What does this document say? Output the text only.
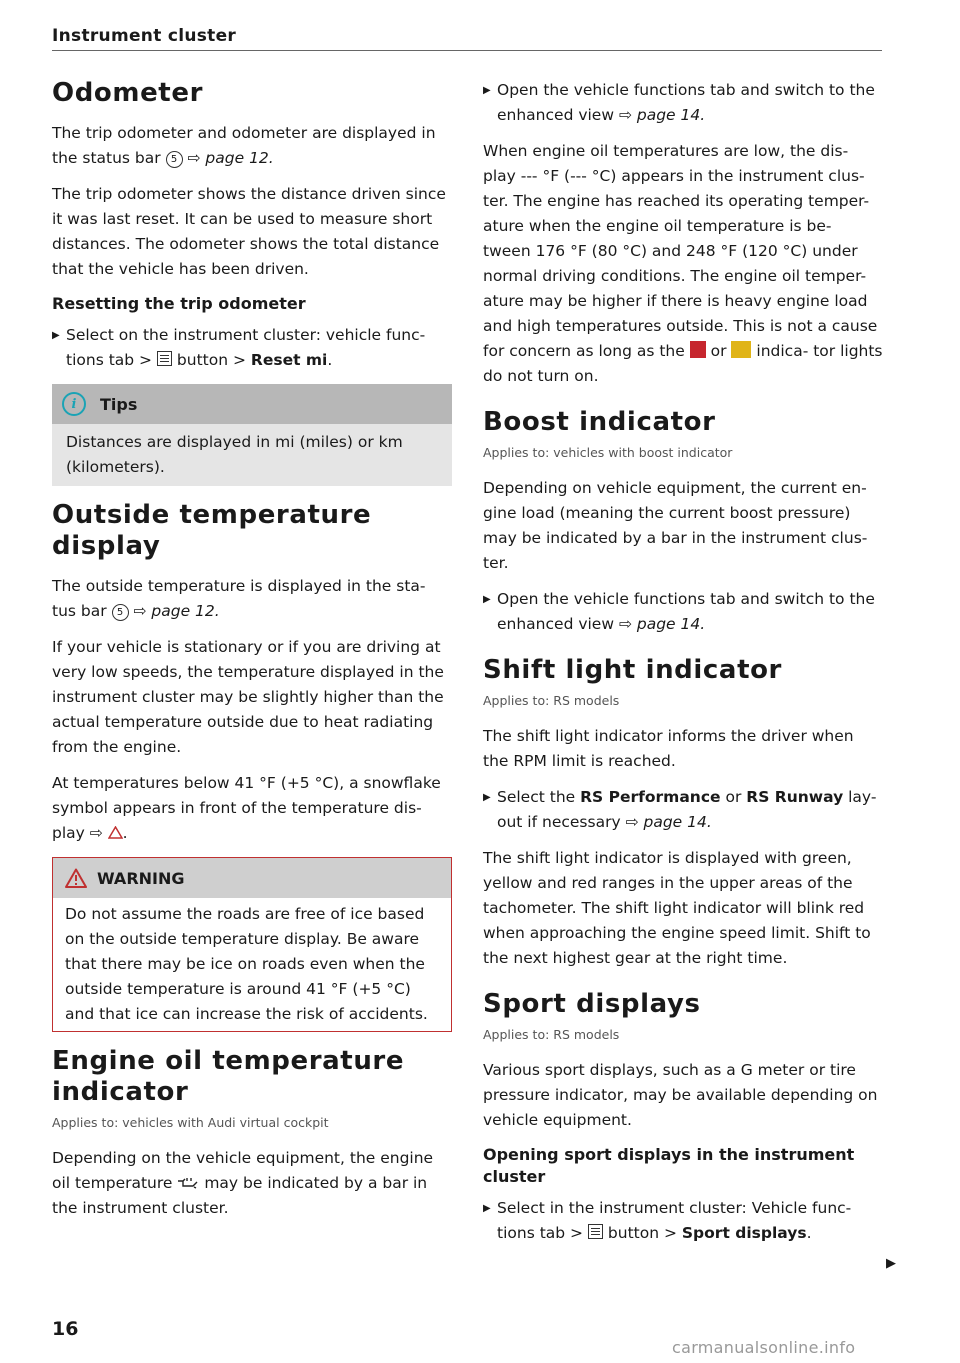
Instrument cluster
Odometer

The trip odometer and odometer are displayed in the status bar 5 ⇨ page 12.

The trip odometer shows the distance driven since it was last reset. It can be used to measure short distances. The odometer shows the total distance that the vehicle has been driven.

Resetting the trip odometer
▶ Select on the instrument cluster: vehicle func- tions tab > button > Reset mi.
i	Tips

Distances are displayed in mi (miles) or km (kilometers).

Outside temperature display

The outside temperature is displayed in the sta- tus bar 5 ⇨ page 12.

If your vehicle is stationary or if you are driving at very low speeds, the temperature displayed in the instrument cluster may be slightly higher than the actual temperature outside due to heat radiating from the engine.

At temperatures below 41 °F (+5 °C), a snowflake symbol appears in front of the temperature dis- play ⇨ .

WARNING

Do not assume the roads are free of ice based on the outside temperature display. Be aware that there may be ice on roads even when the outside temperature is around 41 °F (+5 °C) and that ice can increase the risk of accidents.

Engine oil temperature indicator
Applies to: vehicles with Audi virtual cockpit

Depending on the vehicle equipment, the engine oil temperature may be indicated by a bar in the instrument cluster.

▶ Open the vehicle functions tab and switch to the enhanced view ⇨ page 14.

When engine oil temperatures are low, the dis- play --- °F (--- °C) appears in the instrument clus- ter. The engine has reached its operating temper- ature when the engine oil temperature is be- tween 176 °F (80 °C) and 248 °F (120 °C) under normal driving conditions. The engine oil temper- ature may be higher if there is heavy engine load and high temperatures outside. This is not a cause for concern as long as the or indica- tor lights do not turn on.

Boost indicator
Applies to: vehicles with boost indicator

Depending on vehicle equipment, the current en- gine load (meaning the current boost pressure) may be indicated by a bar in the instrument clus- ter.

▶ Open the vehicle functions tab and switch to the enhanced view ⇨ page 14.
Shift light indicator
Applies to: RS models

The shift light indicator informs the driver when the RPM limit is reached.

▶ Select the RS Performance or RS Runway lay- out if necessary ⇨ page 14.

The shift light indicator is displayed with green, yellow and red ranges in the upper areas of the tachometer. The shift light indicator will blink red when approaching the engine speed limit. Shift to the next highest gear at the right time.

Sport displays
Applies to: RS models

Various sport displays, such as a G meter or tire pressure indicator, may be available depending on vehicle equipment.

Opening sport displays in the instrument cluster
▶ Select in the instrument cluster: Vehicle func- tions tab > button > Sport displays.
▶
16
carmanualsonline.info
